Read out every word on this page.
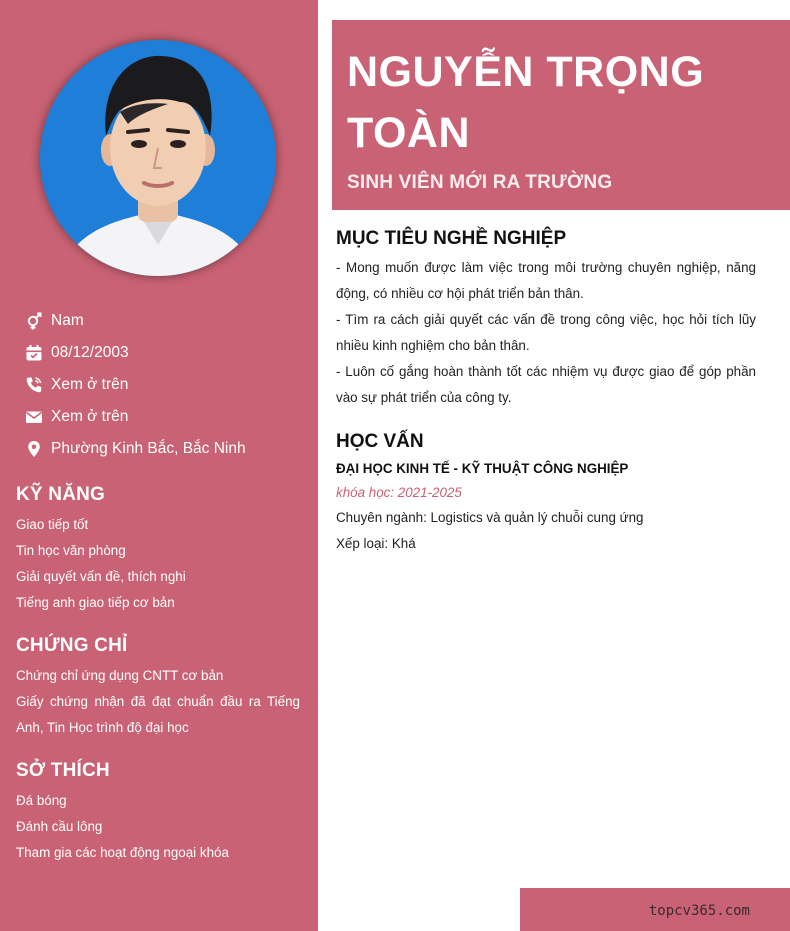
Nam
08/12/2003
Xem ở trên
Xem ở trên
Phường Kinh Bắc, Bắc Ninh
KỸ NĂNG
Giao tiếp tốt
Tin học văn phòng
Giải quyết vấn đề, thích nghi
Tiếng anh giao tiếp cơ bản
CHỨNG CHỈ
Chứng chỉ ứng dụng CNTT cơ bản
Giấy chứng nhận đã đạt chuẩn đầu ra Tiếng Anh, Tin Học trình độ đại học
SỞ THÍCH
Đá bóng
Đánh cầu lông
Tham gia các hoạt động ngoại khóa
NGUYỄN TRỌNG
TOÀN
SINH VIÊN MỚI RA TRƯỜNG
MỤC TIÊU NGHỀ NGHIỆP
- Mong muốn được làm việc trong môi trường chuyên nghiệp, năng động, có nhiều cơ hội phát triển bản thân.
- Tìm ra cách giải quyết các vấn đề trong công việc, học hỏi tích lũy nhiều kinh nghiệm cho bản thân.
- Luôn cố gắng hoàn thành tốt các nhiệm vụ được giao để góp phần vào sự phát triển của công ty.
HỌC VẤN
ĐẠI HỌC KINH TẾ - KỸ THUẬT CÔNG NGHIỆP
khóa học: 2021-2025
Chuyên ngành: Logistics và quản lý chuỗi cung ứng
Xếp loại: Khá
topcv365.com
